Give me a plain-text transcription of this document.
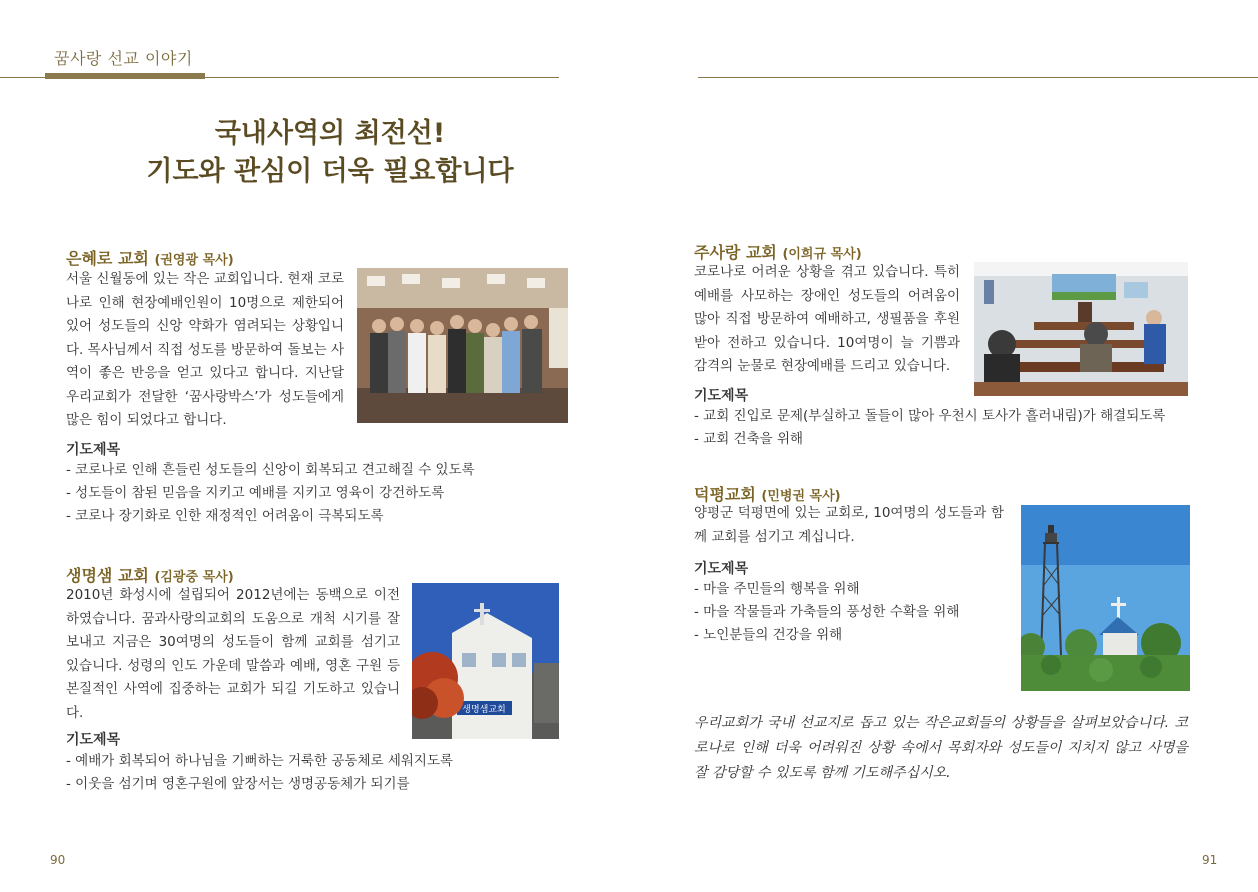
꿈사랑 선교 이야기
국내사역의 최전선!
기도와 관심이 더욱 필요합니다
은혜로 교회 (권영광 목사)
서울 신월동에 있는 작은 교회입니다. 현재 코로나로 인해 현장예배인원이 10명으로 제한되어있어 성도들의 신앙 약화가 염려되는 상황입니다. 목사님께서 직접 성도를 방문하여 돌보는 사역이 좋은 반응을 얻고 있다고 합니다. 지난달 우리교회가 전달한 ‘꿈사랑박스’가 성도들에게 많은 힘이 되었다고 합니다.
기도제목
- 코로나로 인해 흔들린 성도들의 신앙이 회복되고 견고해질 수 있도록
- 성도들이 참된 믿음을 지키고 예배를 지키고 영육이 강건하도록
- 코로나 장기화로 인한 재정적인 어려움이 극복되도록
생명샘 교회 (김광중 목사)
2010년 화성시에 설립되어 2012년에는 동백으로 이전하였습니다. 꿈과사랑의교회의 도움으로 개척 시기를 잘 보내고 지금은 30여명의 성도들이 함께 교회를 섬기고 있습니다. 성령의 인도 가운데 말씀과 예배, 영혼 구원 등 본질적인 사역에 집중하는 교회가 되길 기도하고 있습니다.	생명샘교회
기도제목
- 예배가 회복되어 하나님을 기뻐하는 거룩한 공동체로 세워지도록
- 이웃을 섬기며 영혼구원에 앞장서는 생명공동체가 되기를
주사랑 교회 (이희규 목사)
코로나로 어려운 상황을 겪고 있습니다. 특히 예배를 사모하는 장애인 성도들의 어려움이 많아 직접 방문하여 예배하고, 생필품을 후원받아 전하고 있습니다. 10여명이 늘 기쁨과 감격의 눈물로 현장예배를 드리고 있습니다.
기도제목
- 교회 진입로 문제(부실하고 돌들이 많아 우천시 토사가 흘러내림)가 해결되도록
- 교회 건축을 위해
덕평교회 (민병권 목사)
양평군 덕평면에 있는 교회로, 10여명의 성도들과 함께 교회를 섬기고 계십니다.
기도제목
- 마을 주민들의 행복을 위해
- 마을 작물들과 가축들의 풍성한 수확을 위해
- 노인분들의 건강을 위해
우리교회가 국내 선교지로 돕고 있는 작은교회들의 상황들을 살펴보았습니다. 코로나로 인해 더욱 어려워진 상황 속에서 목회자와 성도들이 지치지 않고 사명을 잘 감당할 수 있도록 함께 기도해주십시오.
90	91
